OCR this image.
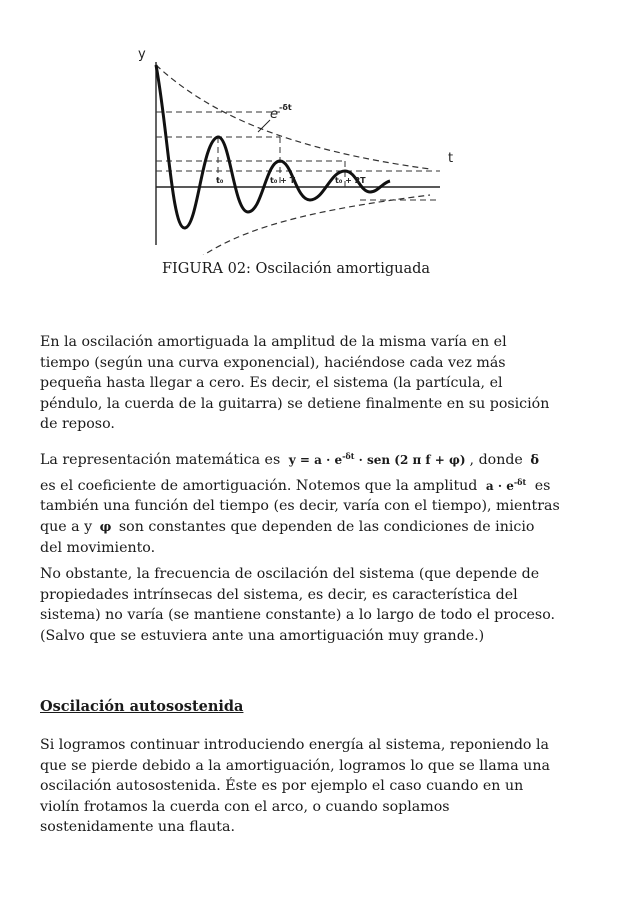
y
t
e -δt
t₀	t₀ + T	t₀ + 2T
FIGURA 02: Oscilación amortiguada

En la oscilación amortiguada la amplitud de la misma varía en el tiempo (según una curva exponencial), haciéndose cada vez más pequeña hasta llegar a cero. Es decir, el sistema (la partícula, el péndulo, la cuerda de la guitarra) se detiene finalmente en su posición de reposo.

La representación matemática es $y = a \cdot e^{-\delta t}$ · sen (2 π f + φ) , donde δ es el coeficiente de amortiguación. Notemos que la amplitud $a \cdot e^{-\delta t}$ es también una función del tiempo (es decir, varía con el tiempo), mientras que a y φ son constantes que dependen de las condiciones de inicio del movimiento.

No obstante, la frecuencia de oscilación del sistema (que depende de propiedades intrínsecas del sistema, es decir, es característica del sistema) no varía (se mantiene constante) a lo largo de todo el proceso. (Salvo que se estuviera ante una amortiguación muy grande.)

Oscilación autosostenida

Si logramos continuar introduciendo energía al sistema, reponiendo la que se pierde debido a la amortiguación, logramos lo que se llama una oscilación autosostenida. Éste es por ejemplo el caso cuando en un violín frotamos la cuerda con el arco, o cuando soplamos sostenidamente una flauta.
